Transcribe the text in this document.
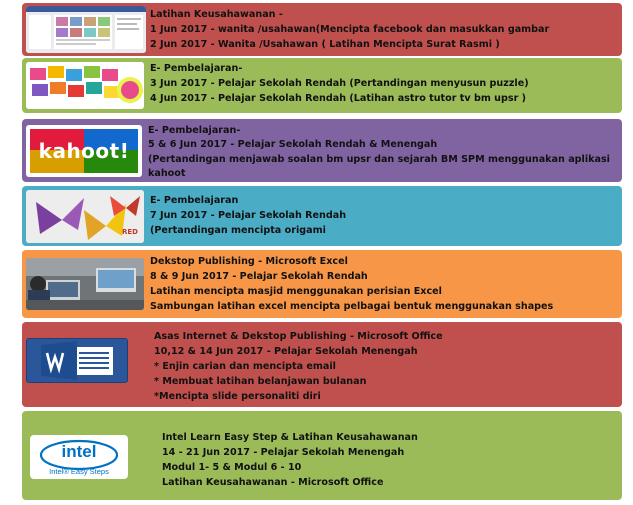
Latihan Keusahawanan -
1 Jun 2017 - wanita /usahawan(Mencipta facebook dan masukkan gambar
2 Jun 2017 - Wanita /Usahawan ( Latihan Mencipta Surat Rasmi )
E- Pembelajaran-
3 Jun 2017 - Pelajar Sekolah Rendah (Pertandingan menyusun puzzle)
4 Jun 2017 - Pelajar Sekolah Rendah (Latihan astro tutor tv bm upsr )
kahoot!
E- Pembelajaran-
5 & 6 Jun 2017 - Pelajar Sekolah Rendah & Menengah
(Pertandingan menjawab soalan bm upsr dan sejarah BM SPM menggunakan aplikasi
kahoot
RED
E- Pembelajaran
7 Jun 2017 - Pelajar Sekolah Rendah
(Pertandingan mencipta origami
Dekstop Publishing - Microsoft Excel
8 & 9 Jun 2017 - Pelajar Sekolah Rendah
Latihan mencipta masjid menggunakan perisian Excel
Sambungan latihan excel mencipta pelbagai bentuk menggunakan shapes
Asas Internet & Dekstop Publishing - Microsoft Office
10,12 & 14 Jun 2017 - Pelajar Sekolah Menengah
* Enjin carian dan mencipta email
* Membuat latihan belanjawan bulanan
*Mencipta slide personaliti diri
intel
Intel® Easy Steps
Intel Learn Easy Step & Latihan Keusahawanan
14 - 21 Jun 2017 - Pelajar Sekolah Menengah
Modul 1- 5 & Modul 6 - 10
Latihan Keusahawanan - Microsoft Office
